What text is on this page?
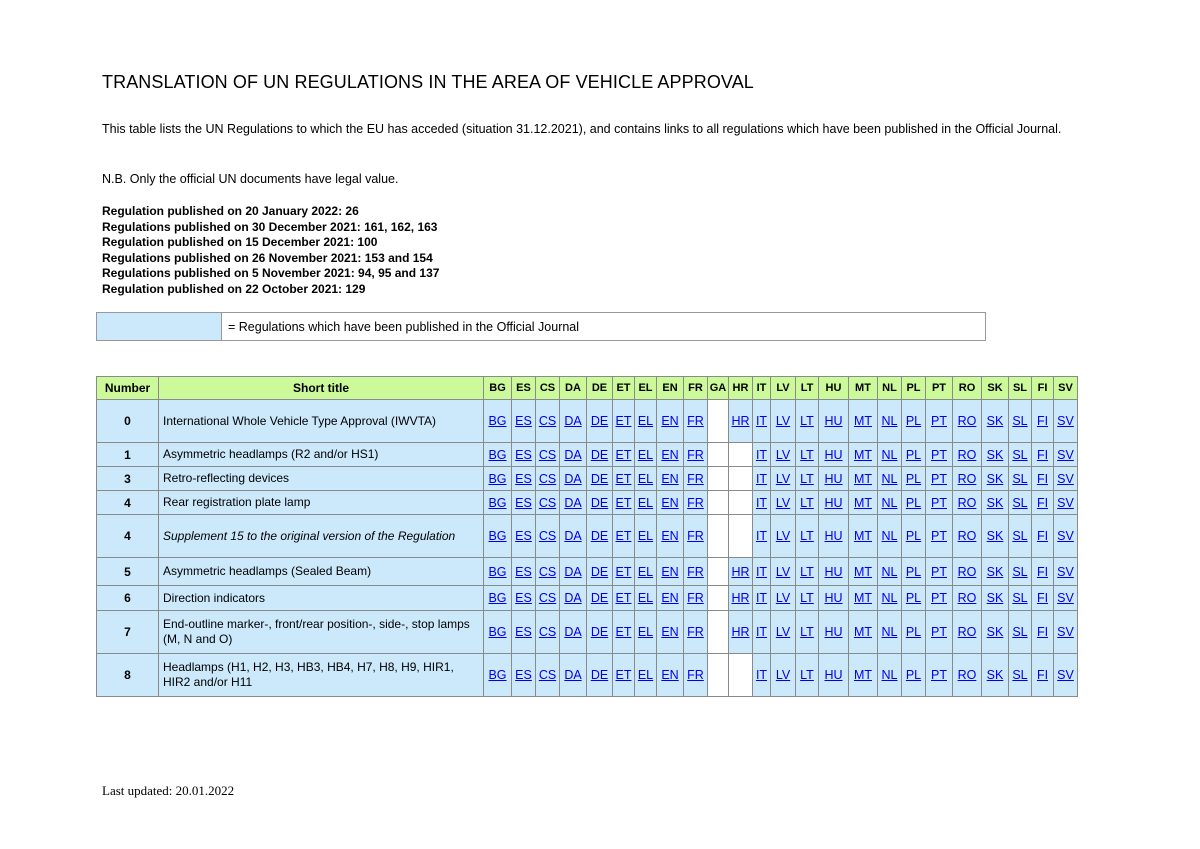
TRANSLATION OF UN REGULATIONS IN THE AREA OF VEHICLE APPROVAL

This table lists the UN Regulations to which the EU has acceded (situation 31.12.2021), and contains links to all regulations which have been published in the Official Journal.

N.B. Only the official UN documents have legal value.

Regulation published on 20 January 2022: 26
Regulations published on 30 December 2021: 161, 162, 163
Regulation published on 15 December 2021: 100
Regulations published on 26 November 2021: 153 and 154
Regulations published on 5 November 2021: 94, 95 and 137
Regulation published on 22 October 2021: 129
= Regulations which have been published in the Official Journal
Number	Short title	BG	ES	CS	DA	DE	ET	EL	EN	FR	GA	HR	IT	LV	LT	HU	MT	NL	PL	PT	RO	SK	SL	FI	SV
0	International Whole Vehicle Type Approval (IWVTA)	BG	ES	CS	DA	DE	ET	EL	EN	FR		HR	IT	LV	LT	HU	MT	NL	PL	PT	RO	SK	SL	FI	SV
1	Asymmetric headlamps (R2 and/or HS1)	BG	ES	CS	DA	DE	ET	EL	EN	FR			IT	LV	LT	HU	MT	NL	PL	PT	RO	SK	SL	FI	SV
3	Retro-reflecting devices	BG	ES	CS	DA	DE	ET	EL	EN	FR			IT	LV	LT	HU	MT	NL	PL	PT	RO	SK	SL	FI	SV
4	Rear registration plate lamp	BG	ES	CS	DA	DE	ET	EL	EN	FR			IT	LV	LT	HU	MT	NL	PL	PT	RO	SK	SL	FI	SV
4	Supplement 15 to the original version of the Regulation	BG	ES	CS	DA	DE	ET	EL	EN	FR			IT	LV	LT	HU	MT	NL	PL	PT	RO	SK	SL	FI	SV
5	Asymmetric headlamps (Sealed Beam)	BG	ES	CS	DA	DE	ET	EL	EN	FR		HR	IT	LV	LT	HU	MT	NL	PL	PT	RO	SK	SL	FI	SV
6	Direction indicators	BG	ES	CS	DA	DE	ET	EL	EN	FR		HR	IT	LV	LT	HU	MT	NL	PL	PT	RO	SK	SL	FI	SV
7	End-outline marker-, front/rear position-, side-, stop lamps (M, N and O)	BG	ES	CS	DA	DE	ET	EL	EN	FR		HR	IT	LV	LT	HU	MT	NL	PL	PT	RO	SK	SL	FI	SV
8	Headlamps (H1, H2, H3, HB3, HB4, H7, H8, H9, HIR1, HIR2 and/or H11	BG	ES	CS	DA	DE	ET	EL	EN	FR			IT	LV	LT	HU	MT	NL	PL	PT	RO	SK	SL	FI	SV

Last updated: 20.01.2022
